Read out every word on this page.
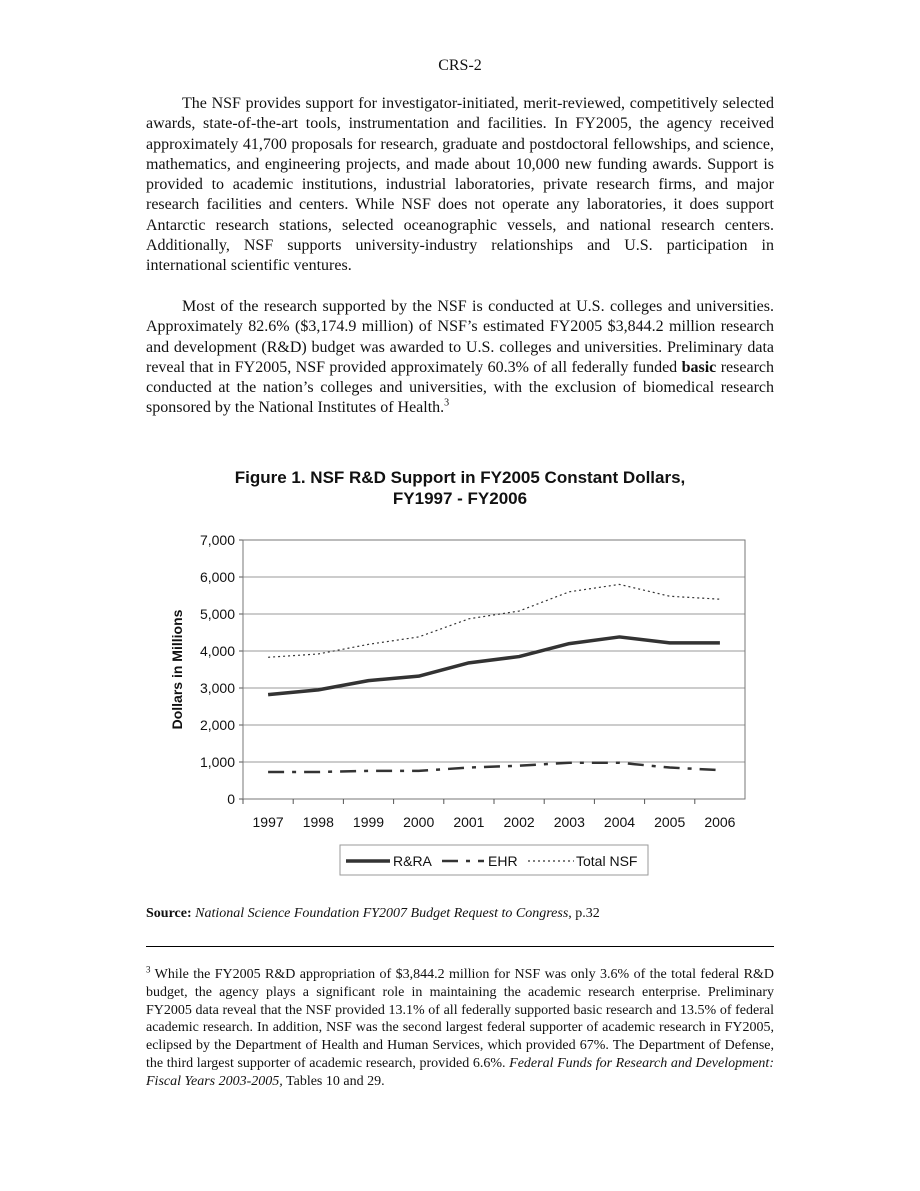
CRS-2

The NSF provides support for investigator-initiated, merit-reviewed, competitively selected awards, state-of-the-art tools, instrumentation and facilities. In FY2005, the agency received approximately 41,700 proposals for research, graduate and postdoctoral fellowships, and science, mathematics, and engineering projects, and made about 10,000 new funding awards. Support is provided to academic institutions, industrial laboratories, private research firms, and major research facilities and centers. While NSF does not operate any laboratories, it does support Antarctic research stations, selected oceanographic vessels, and national research centers. Additionally, NSF supports university-industry relationships and U.S. participation in international scientific ventures.

Most of the research supported by the NSF is conducted at U.S. colleges and universities. Approximately 82.6% ($3,174.9 million) of NSF’s estimated FY2005 $3,844.2 million research and development (R&D) budget was awarded to U.S. colleges and universities. Preliminary data reveal that in FY2005, NSF provided approximately 60.3% of all federally funded basic research conducted at the nation’s colleges and universities, with the exclusion of biomedical research sponsored by the National Institutes of Health.$^3$

Figure 1. NSF R&D Support in FY2005 Constant Dollars,
FY1997 - FY2006
0
1,000
2,000
3,000
4,000
5,000
6,000
7,000
1997 1998 1999 2000 2001 2002 2003 2004 2005 2006
Dollars in Millions
R&RA	EHR	Total NSF
Source: National Science Foundation FY2007 Budget Request to Congress, p.32

$^3$ While the FY2005 R&D appropriation of $3,844.2 million for NSF was only 3.6% of the total federal R&D budget, the agency plays a significant role in maintaining the academic research enterprise. Preliminary FY2005 data reveal that the NSF provided 13.1% of all federally supported basic research and 13.5% of federal academic research. In addition, NSF was the second largest federal supporter of academic research in FY2005, eclipsed by the Department of Health and Human Services, which provided 67%. The Department of Defense, the third largest supporter of academic research, provided 6.6%. Federal Funds for Research and Development: Fiscal Years 2003-2005, Tables 10 and 29.
